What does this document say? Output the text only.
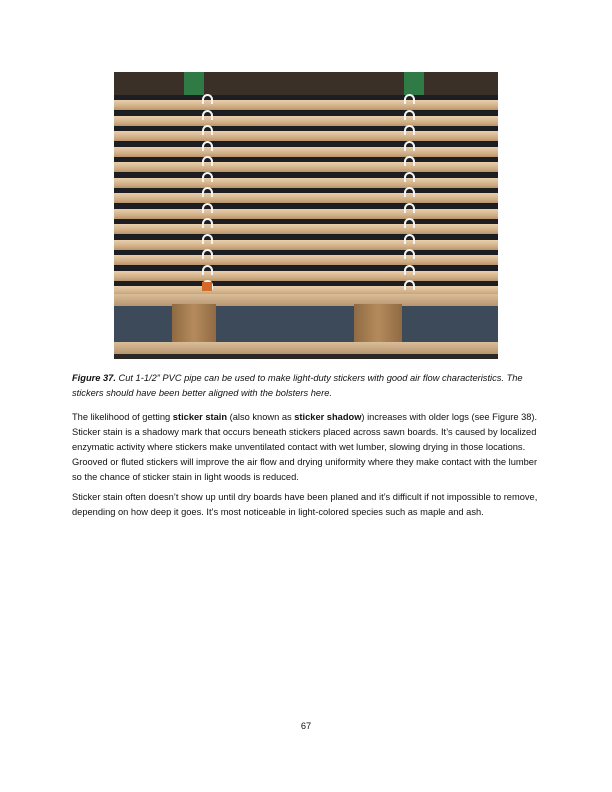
Figure 37. Cut 1-1/2” PVC pipe can be used to make light-duty stickers with good air flow characteristics. The stickers should have been better aligned with the bolsters here.

The likelihood of getting sticker stain (also known as sticker shadow) increases with older logs (see Figure 38). Sticker stain is a shadowy mark that occurs beneath stickers placed across sawn boards. It’s caused by localized enzymatic activity where stickers make unventilated contact with wet lumber, slowing drying in those locations. Grooved or fluted stickers will improve the air flow and drying uniformity where they make contact with the lumber so the chance of sticker stain in light woods is reduced.

Sticker stain often doesn’t show up until dry boards have been planed and it’s difficult if not impossible to remove, depending on how deep it goes. It’s most noticeable in light-colored species such as maple and ash.

67
